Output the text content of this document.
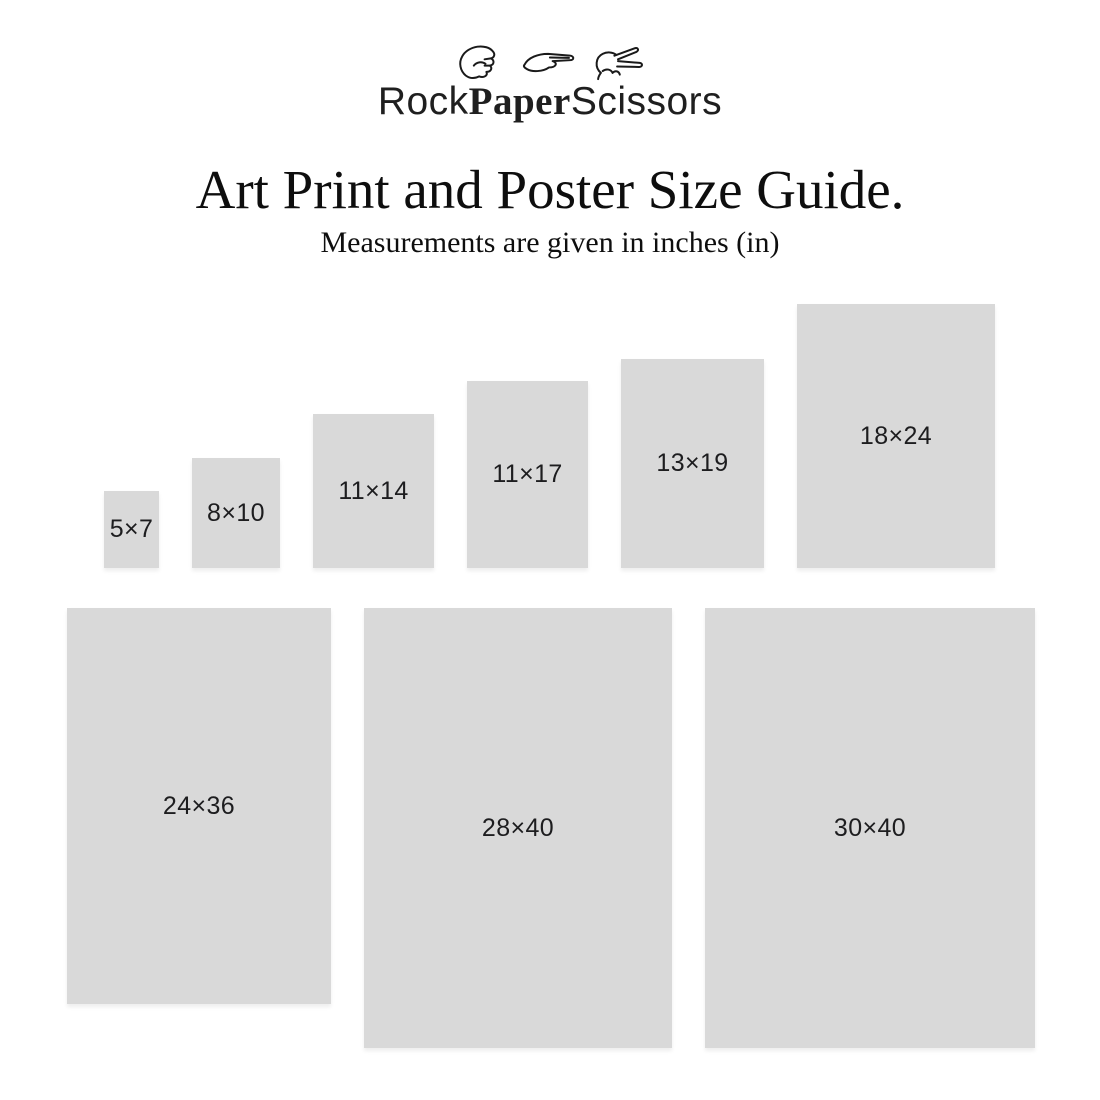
RockPaperScissors
Art Print and Poster Size Guide.
Measurements are given in inches (in)
5×7
8×10
11×14
11×17	13×19
18×24
24×36
28×40	30×40
